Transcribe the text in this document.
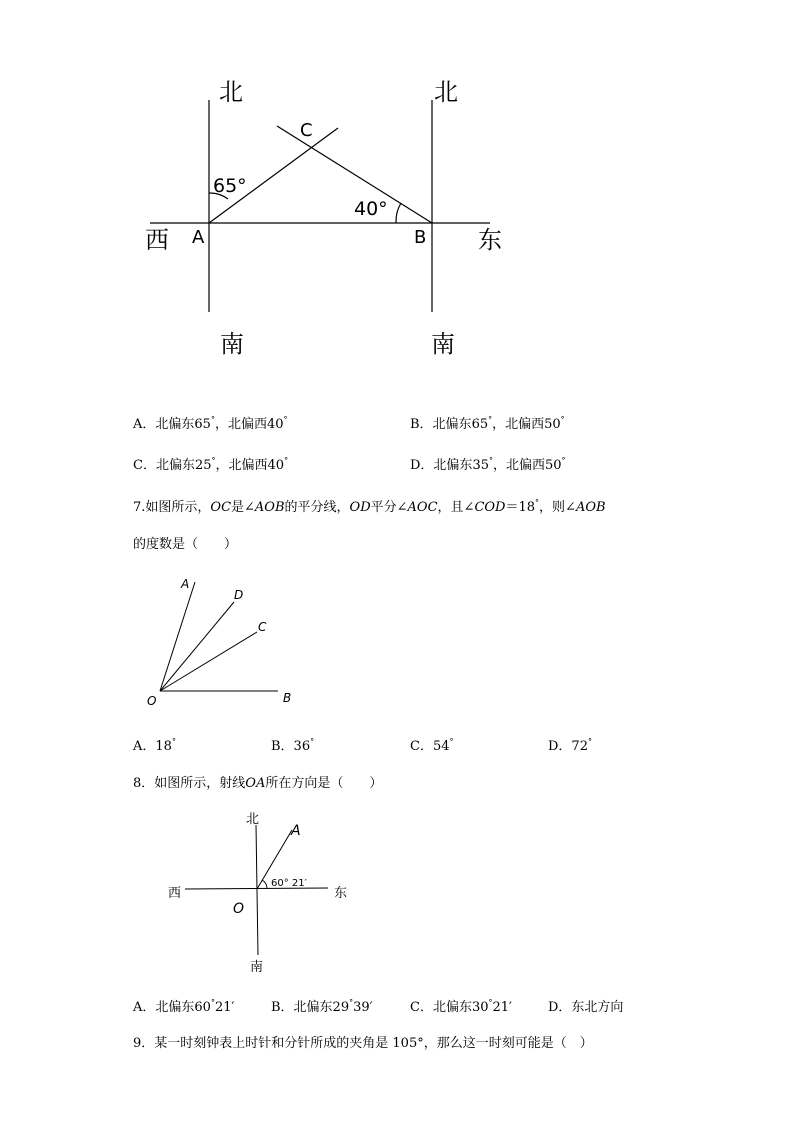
北	北
南	南
西	东
A	B
C
65°
40°
A．北偏东65°，北偏西40°	B．北偏东65°，北偏西50°
C．北偏东25°，北偏西40°	D．北偏东35°，北偏西50°
7.如图所示，OC是∠AOB的平分线，OD平分∠AOC，且∠COD＝18°，则∠AOB
的度数是（　　）
A
D
C
O	B
A．18°	B．36°	C．54°	D．72°
8．如图所示，射线OA所在方向是（　　）
北
南
西	东
A
O
60° 21′
A．北偏东60°21′	B．北偏东29°39′	C．北偏东30°21′	D．东北方向
9．某一时刻钟表上时针和分针所成的夹角是 105°，那么这一时刻可能是（　）
